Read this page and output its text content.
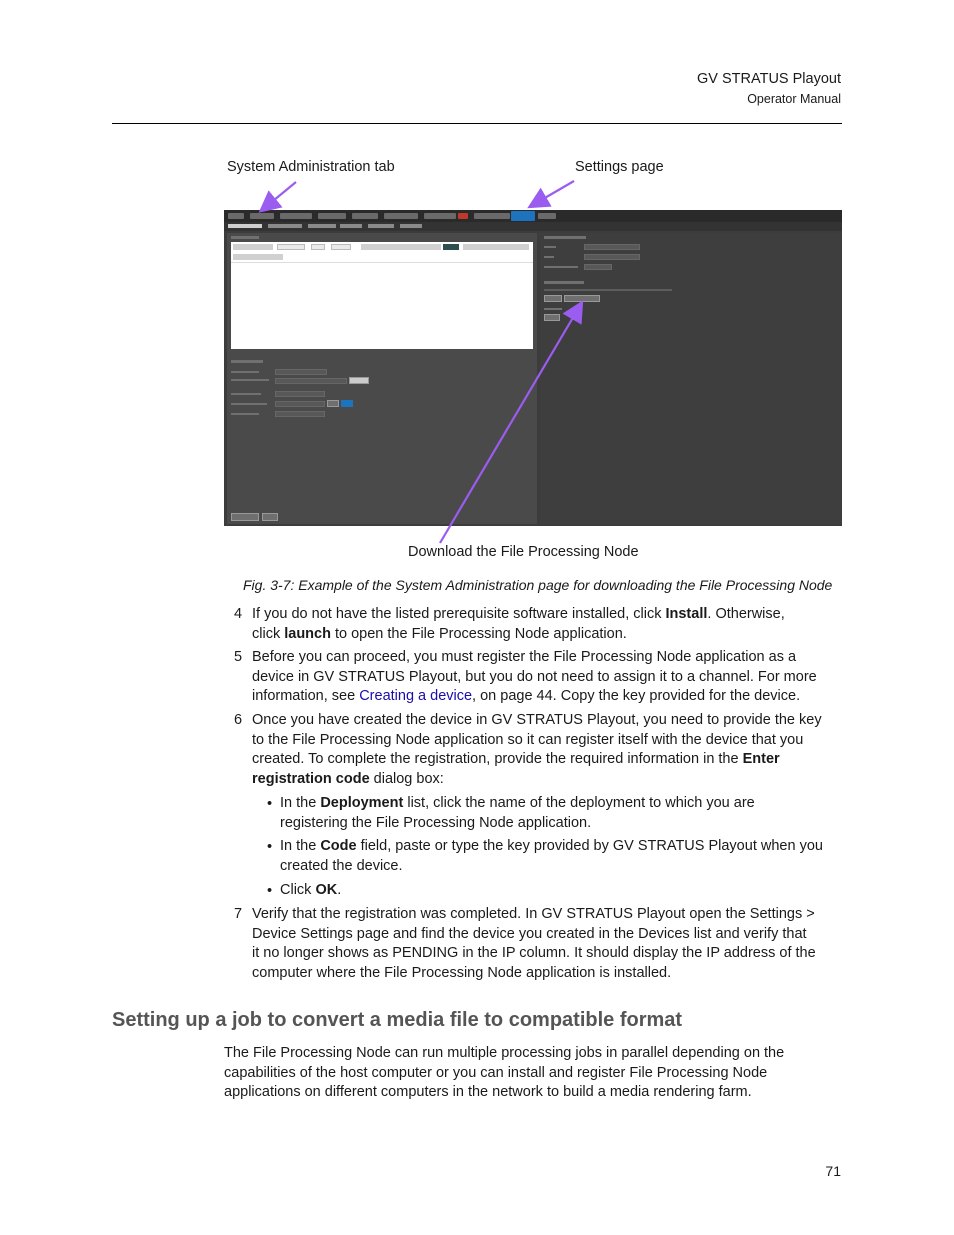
GV STRATUS Playout
Operator Manual
System Administration tab	Settings page
Download the File Processing Node
Fig. 3-7: Example of the System Administration page for downloading the File Processing Node
4 If you do not have the listed prerequisite software installed, click Install. Otherwise,
click launch to open the File Processing Node application.
5 Before you can proceed, you must register the File Processing Node application as a
device in GV STRATUS Playout, but you do not need to assign it to a channel. For more
information, see Creating a device, on page 44. Copy the key provided for the device.
6 Once you have created the device in GV STRATUS Playout, you need to provide the key
to the File Processing Node application so it can register itself with the device that you
created. To complete the registration, provide the required information in the Enter
registration code dialog box:
• In the Deployment list, click the name of the deployment to which you are
registering the File Processing Node application.
• In the Code field, paste or type the key provided by GV STRATUS Playout when you
created the device.
• Click OK.
7 Verify that the registration was completed. In GV STRATUS Playout open the Settings >
Device Settings page and find the device you created in the Devices list and verify that
it no longer shows as PENDING in the IP column. It should display the IP address of the
computer where the File Processing Node application is installed.
Setting up a job to convert a media file to compatible format
The File Processing Node can run multiple processing jobs in parallel depending on the
capabilities of the host computer or you can install and register File Processing Node
applications on different computers in the network to build a media rendering farm.
71
